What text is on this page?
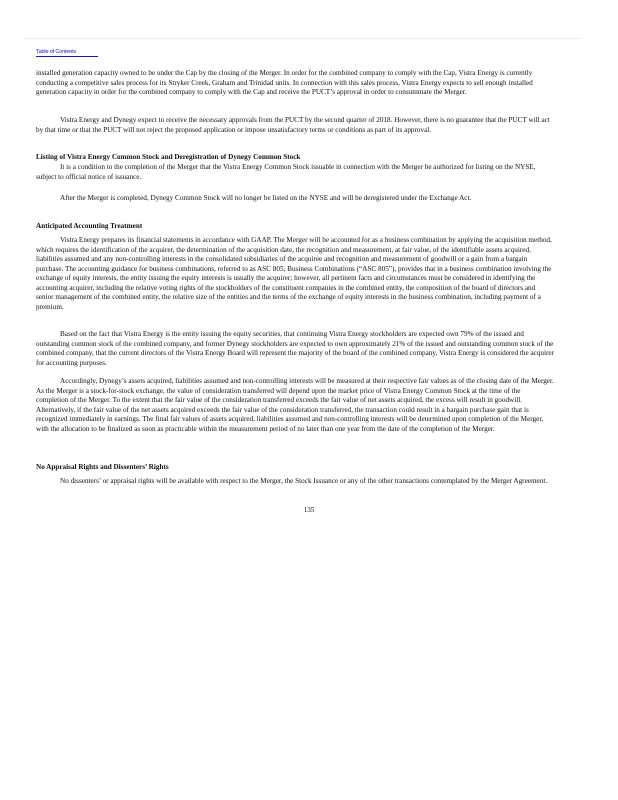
Table of Contents
installed generation capacity owned to be under the Cap by the closing of the Merger. In order for the combined company to comply with the Cap, Vistra Energy is currently conducting a competitive sales process for its Stryker Creek, Graham and Trinidad units. In connection with this sales process, Vistra Energy expects to sell enough installed generation capacity in order for the combined company to comply with the Cap and receive the PUCT’s approval in order to consummate the Merger.
Vistra Energy and Dynegy expect to receive the necessary approvals from the PUCT by the second quarter of 2018. However, there is no guarantee that the PUCT will act by that time or that the PUCT will not reject the proposed application or impose unsatisfactory terms or conditions as part of its approval.
Listing of Vistra Energy Common Stock and Deregistration of Dynegy Common Stock
It is a condition to the completion of the Merger that the Vistra Energy Common Stock issuable in connection with the Merger be authorized for listing on the NYSE, subject to official notice of issuance.
After the Merger is completed, Dynegy Common Stock will no longer be listed on the NYSE and will be deregistered under the Exchange Act.
Anticipated Accounting Treatment
Vistra Energy prepares its financial statements in accordance with GAAP. The Merger will be accounted for as a business combination by applying the acquisition method, which requires the identification of the acquirer, the determination of the acquisition date, the recognition and measurement, at fair value, of the identifiable assets acquired, liabilities assumed and any non-controlling interests in the consolidated subsidiaries of the acquiree and recognition and measurement of goodwill or a gain from a bargain purchase. The accounting guidance for business combinations, referred to as ASC 805, Business Combinations (“ASC 805”), provides that in a business combination involving the exchange of equity interests, the entity issuing the equity interests is usually the acquirer; however, all pertinent facts and circumstances must be considered in identifying the accounting acquirer, including the relative voting rights of the stockholders of the constituent companies in the combined entity, the composition of the board of directors and senior management of the combined entity, the relative size of the entities and the terms of the exchange of equity interests in the business combination, including payment of a premium.
Based on the fact that Vistra Energy is the entity issuing the equity securities, that continuing Vistra Energy stockholders are expected own 79% of the issued and outstanding common stock of the combined company, and former Dynegy stockholders are expected to own approximately 21% of the issued and outstanding common stock of the combined company, that the current directors of the Vistra Energy Board will represent the majority of the board of the combined company, Vistra Energy is considered the acquirer for accounting purposes.
Accordingly, Dynegy’s assets acquired, liabilities assumed and non-controlling interests will be measured at their respective fair values as of the closing date of the Merger. As the Merger is a stock-for-stock exchange, the value of consideration transferred will depend upon the market price of Vistra Energy Common Stock at the time of the completion of the Merger. To the extent that the fair value of the consideration transferred exceeds the fair value of net assets acquired, the excess will result in goodwill. Alternatively, if the fair value of the net assets acquired exceeds the fair value of the consideration transferred, the transaction could result in a bargain purchase gain that is recognized immediately in earnings. The final fair values of assets acquired, liabilities assumed and non-controlling interests will be determined upon completion of the Merger, with the allocation to be finalized as soon as practicable within the measurement period of no later than one year from the date of the completion of the Merger.
No Appraisal Rights and Dissenters’ Rights
No dissenters’ or appraisal rights will be available with respect to the Merger, the Stock Issuance or any of the other transactions contemplated by the Merger Agreement.
135
